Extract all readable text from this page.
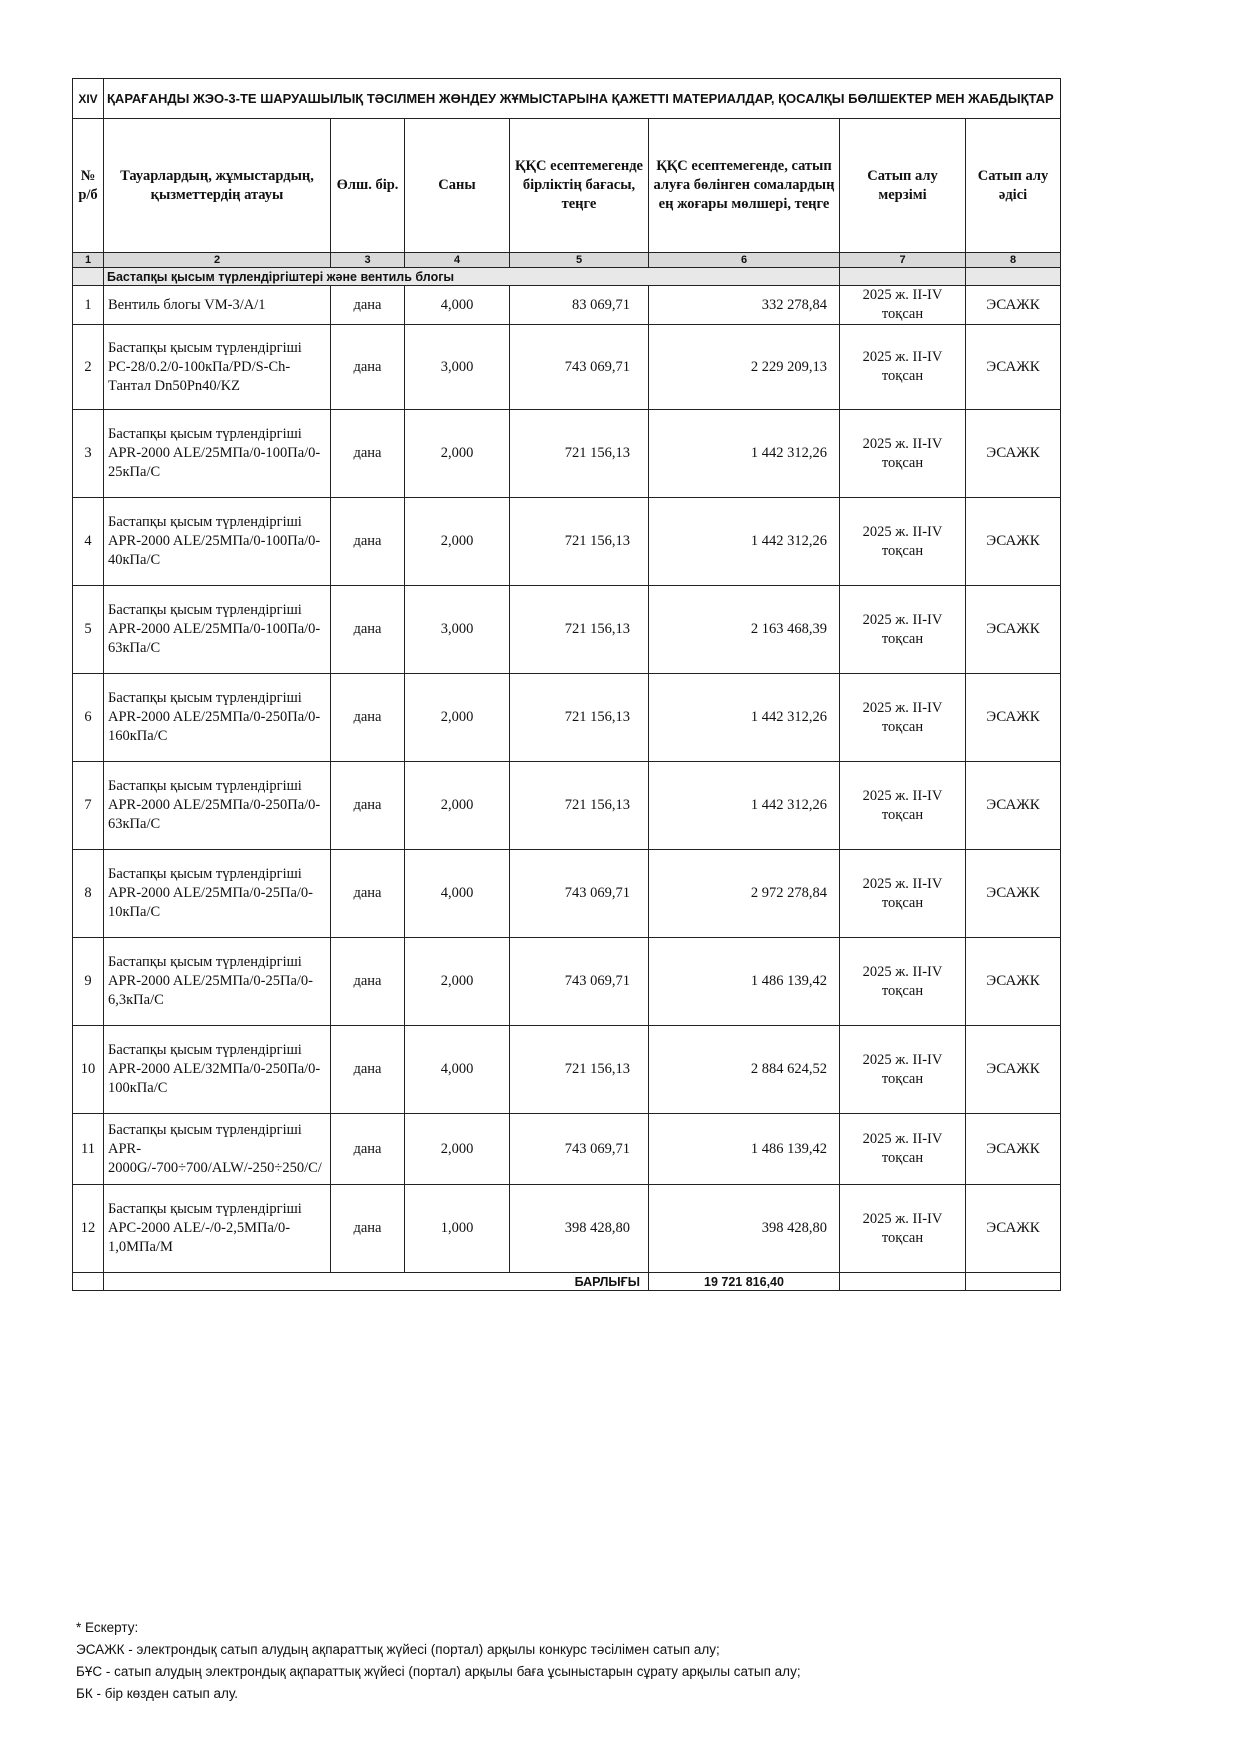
XIV	ҚАРАҒАНДЫ ЖЭО-3-ТЕ ШАРУАШЫЛЫҚ ТӘСІЛМЕН ЖӨНДЕУ ЖҰМЫСТАРЫНА ҚАЖЕТТІ МАТЕРИАЛДАР, ҚОСАЛҚЫ БӨЛШЕКТЕР МЕН ЖАБДЫҚТАР						
№ р/б	Тауарлардың, жұмыстардың, қызметтердің атауы	Өлш. бір.	Саны	ҚҚС есептемегенде бірліктің бағасы, теңге	ҚҚС есептемегенде, сатып алуға бөлінген сомалардың ең жоғары мөлшері, теңге	Сатып алу мерзімі	Сатып алу әдісі
1	2	3	4	5	6	7	8
	Бастапқы қысым түрлендіргіштері және вентиль блогы						
1	Вентиль блогы VM-3/A/1	дана	4,000	83 069,71	332 278,84	2025 ж. II-IV тоқсан	ЭСАЖК
2	Бастапқы қысым түрлендіргіші PC-28/0.2/0-100кПа/PD/S-Ch-Тантал Dn50Pn40/KZ	дана	3,000	743 069,71	2 229 209,13	2025 ж. II-IV тоқсан	ЭСАЖК
3	Бастапқы қысым түрлендіргіші APR-2000 ALE/25МПа/0-100Па/0-25кПа/С	дана	2,000	721 156,13	1 442 312,26	2025 ж. II-IV тоқсан	ЭСАЖК
4	Бастапқы қысым түрлендіргіші APR-2000 ALE/25МПа/0-100Па/0-40кПа/С	дана	2,000	721 156,13	1 442 312,26	2025 ж. II-IV тоқсан	ЭСАЖК
5	Бастапқы қысым түрлендіргіші APR-2000 ALE/25МПа/0-100Па/0-63кПа/С	дана	3,000	721 156,13	2 163 468,39	2025 ж. II-IV тоқсан	ЭСАЖК
6	Бастапқы қысым түрлендіргіші APR-2000 ALE/25МПа/0-250Па/0-160кПа/С	дана	2,000	721 156,13	1 442 312,26	2025 ж. II-IV тоқсан	ЭСАЖК
7	Бастапқы қысым түрлендіргіші APR-2000 ALE/25МПа/0-250Па/0-63кПа/С	дана	2,000	721 156,13	1 442 312,26	2025 ж. II-IV тоқсан	ЭСАЖК
8	Бастапқы қысым түрлендіргіші APR-2000 ALE/25МПа/0-25Па/0-10кПа/С	дана	4,000	743 069,71	2 972 278,84	2025 ж. II-IV тоқсан	ЭСАЖК
9	Бастапқы қысым түрлендіргіші APR-2000 ALE/25МПа/0-25Па/0-6,3кПа/С	дана	2,000	743 069,71	1 486 139,42	2025 ж. II-IV тоқсан	ЭСАЖК
10	Бастапқы қысым түрлендіргіші APR-2000 ALE/32МПа/0-250Па/0-100кПа/С	дана	4,000	721 156,13	2 884 624,52	2025 ж. II-IV тоқсан	ЭСАЖК
11	Бастапқы қысым түрлендіргіші APR-2000G/-700÷700/ALW/-250÷250/C/	дана	2,000	743 069,71	1 486 139,42	2025 ж. II-IV тоқсан	ЭСАЖК
12	Бастапқы қысым түрлендіргіші APC-2000 ALE/-/0-2,5МПа/0-1,0МПа/М	дана	1,000	398 428,80	398 428,80	2025 ж. II-IV тоқсан	ЭСАЖК
	БАРЛЫҒЫ				19 721 816,40		
* Ескерту:
ЭСАЖК - электрондық сатып алудың ақпараттық жүйесі (портал) арқылы конкурс тәсілімен сатып алу;
БҰС - сатып алудың электрондық ақпараттық жүйесі (портал) арқылы баға ұсыныстарын сұрату арқылы сатып алу;
БК - бір көзден сатып алу.
